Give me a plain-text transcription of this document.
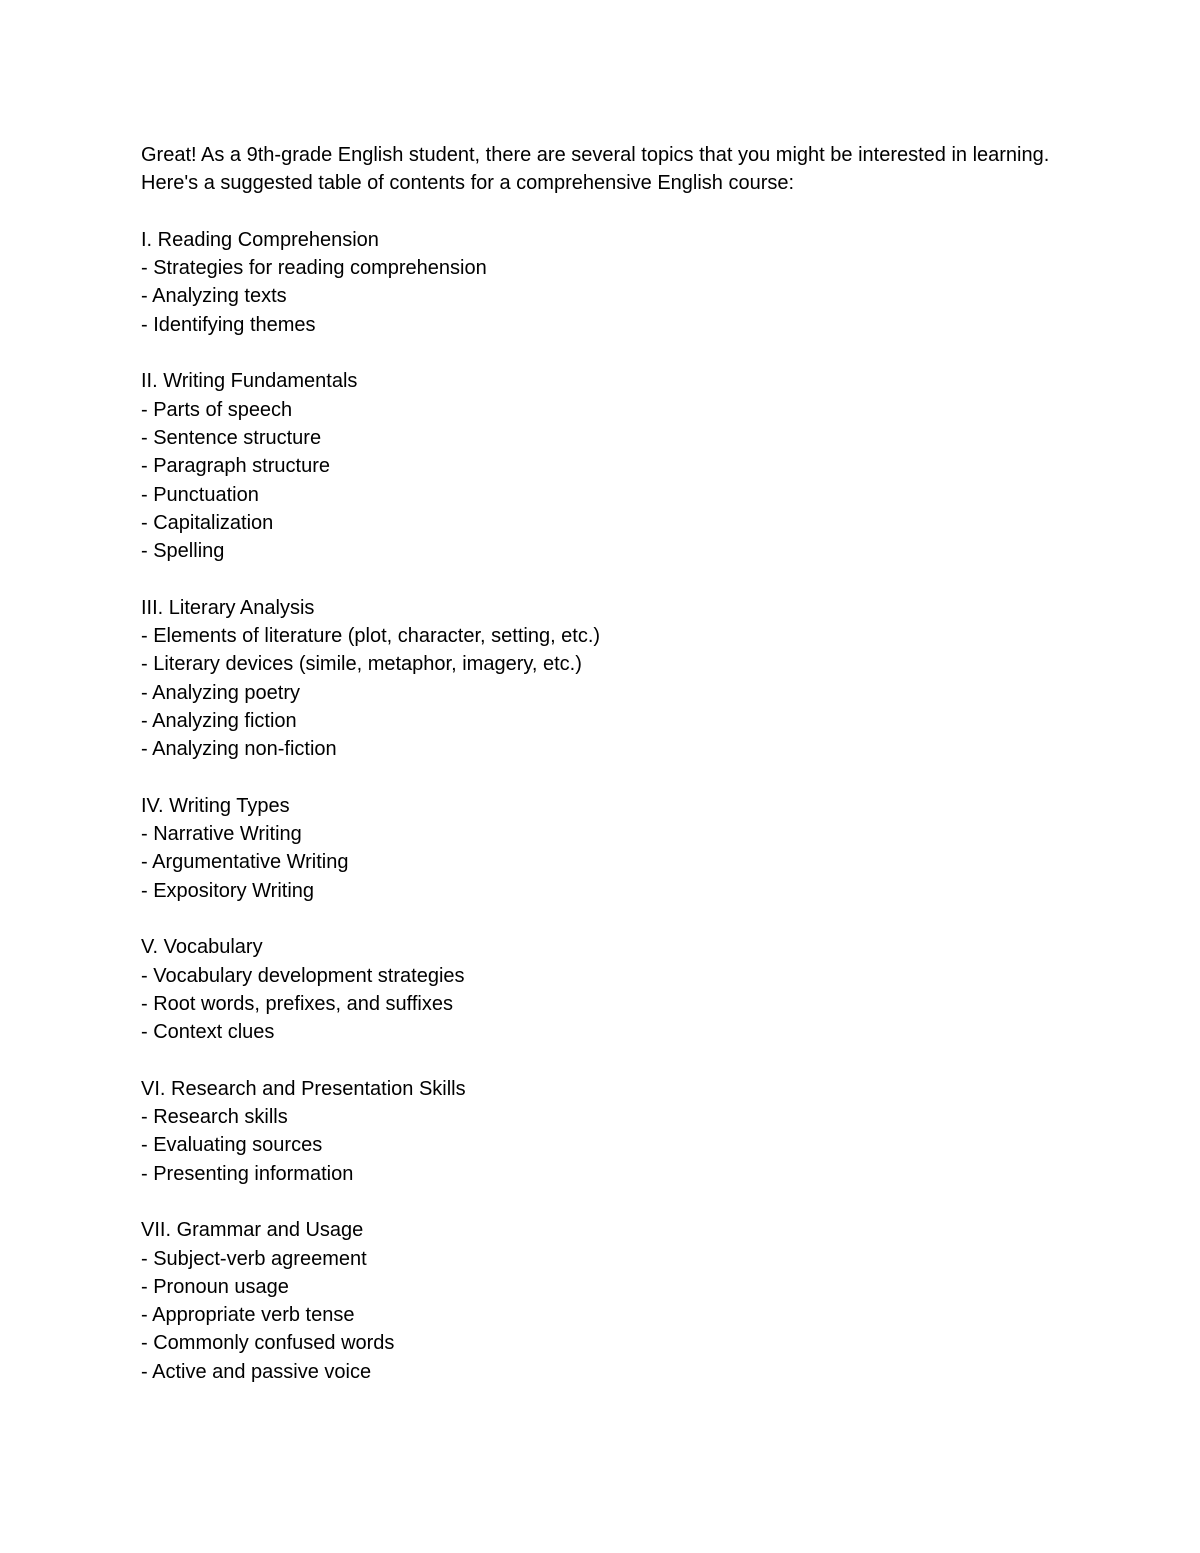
Great! As a 9th-grade English student, there are several topics that you might be interested in learning. Here's a suggested table of contents for a comprehensive English course:

I. Reading Comprehension

- Strategies for reading comprehension

- Analyzing texts

- Identifying themes

II. Writing Fundamentals

- Parts of speech

- Sentence structure

- Paragraph structure

- Punctuation

- Capitalization

- Spelling

III. Literary Analysis

- Elements of literature (plot, character, setting, etc.)

- Literary devices (simile, metaphor, imagery, etc.)

- Analyzing poetry

- Analyzing fiction

- Analyzing non-fiction

IV. Writing Types

- Narrative Writing

- Argumentative Writing

- Expository Writing

V. Vocabulary

- Vocabulary development strategies

- Root words, prefixes, and suffixes

- Context clues

VI. Research and Presentation Skills

- Research skills

- Evaluating sources

- Presenting information

VII. Grammar and Usage

- Subject-verb agreement

- Pronoun usage

- Appropriate verb tense

- Commonly confused words

- Active and passive voice
